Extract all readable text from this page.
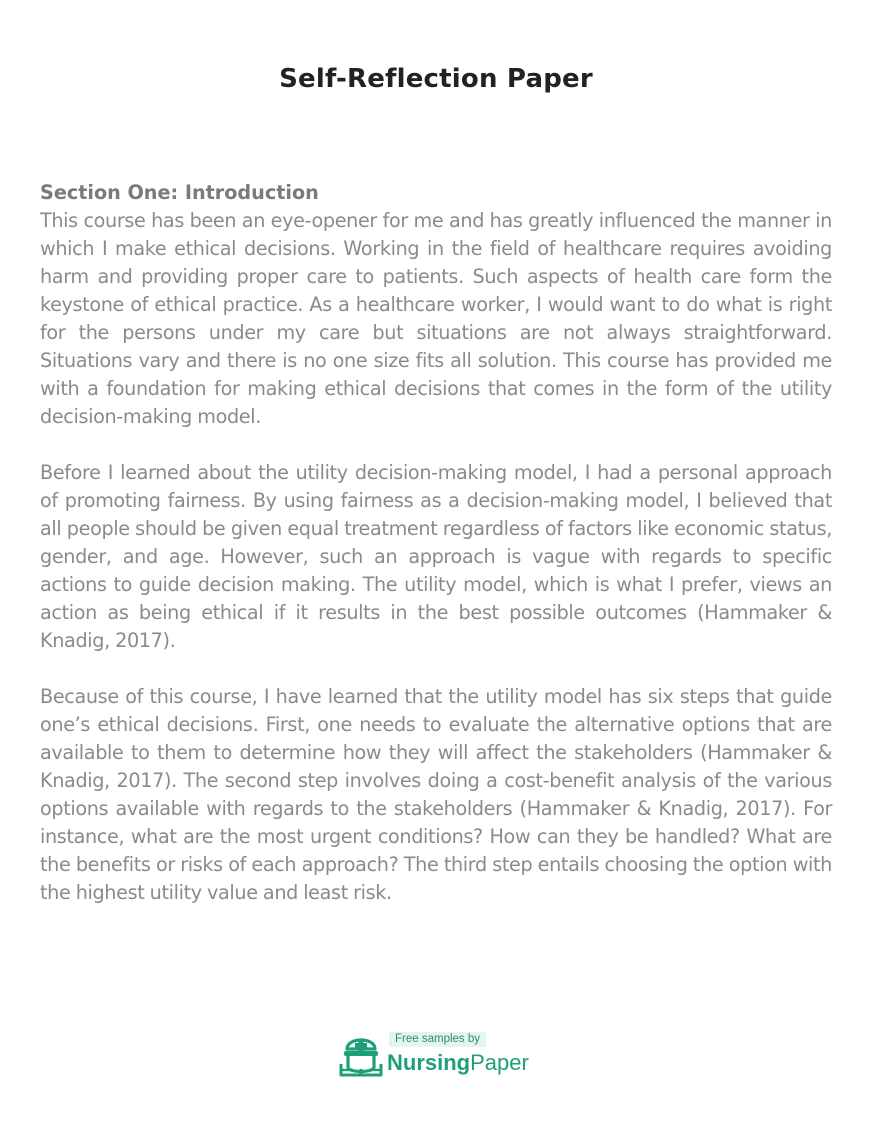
Self-Reflection Paper

Section One: Introduction

This course has been an eye-opener for me and has greatly influenced the manner in which I make ethical decisions. Working in the field of healthcare requires avoiding harm and providing proper care to patients. Such aspects of health care form the keystone of ethical practice. As a healthcare worker, I would want to do what is right for the persons under my care but situations are not always straightforward. Situations vary and there is no one size fits all solution. This course has provided me with a foundation for making ethical decisions that comes in the form of the utility decision-making model.

Before I learned about the utility decision-making model, I had a personal approach of promoting fairness. By using fairness as a decision-making model, I believed that all people should be given equal treatment regardless of factors like economic status, gender, and age. However, such an approach is vague with regards to specific actions to guide decision making. The utility model, which is what I prefer, views an action as being ethical if it results in the best possible outcomes (Hammaker & Knadig, 2017).

Because of this course, I have learned that the utility model has six steps that guide one’s ethical decisions. First, one needs to evaluate the alternative options that are available to them to determine how they will affect the stakeholders (Hammaker & Knadig, 2017). The second step involves doing a cost-benefit analysis of the various options available with regards to the stakeholders (Hammaker & Knadig, 2017). For instance, what are the most urgent conditions? How can they be handled? What are the benefits or risks of each approach? The third step entails choosing the option with the highest utility value and least risk.

Free samples by
NursingPaper
